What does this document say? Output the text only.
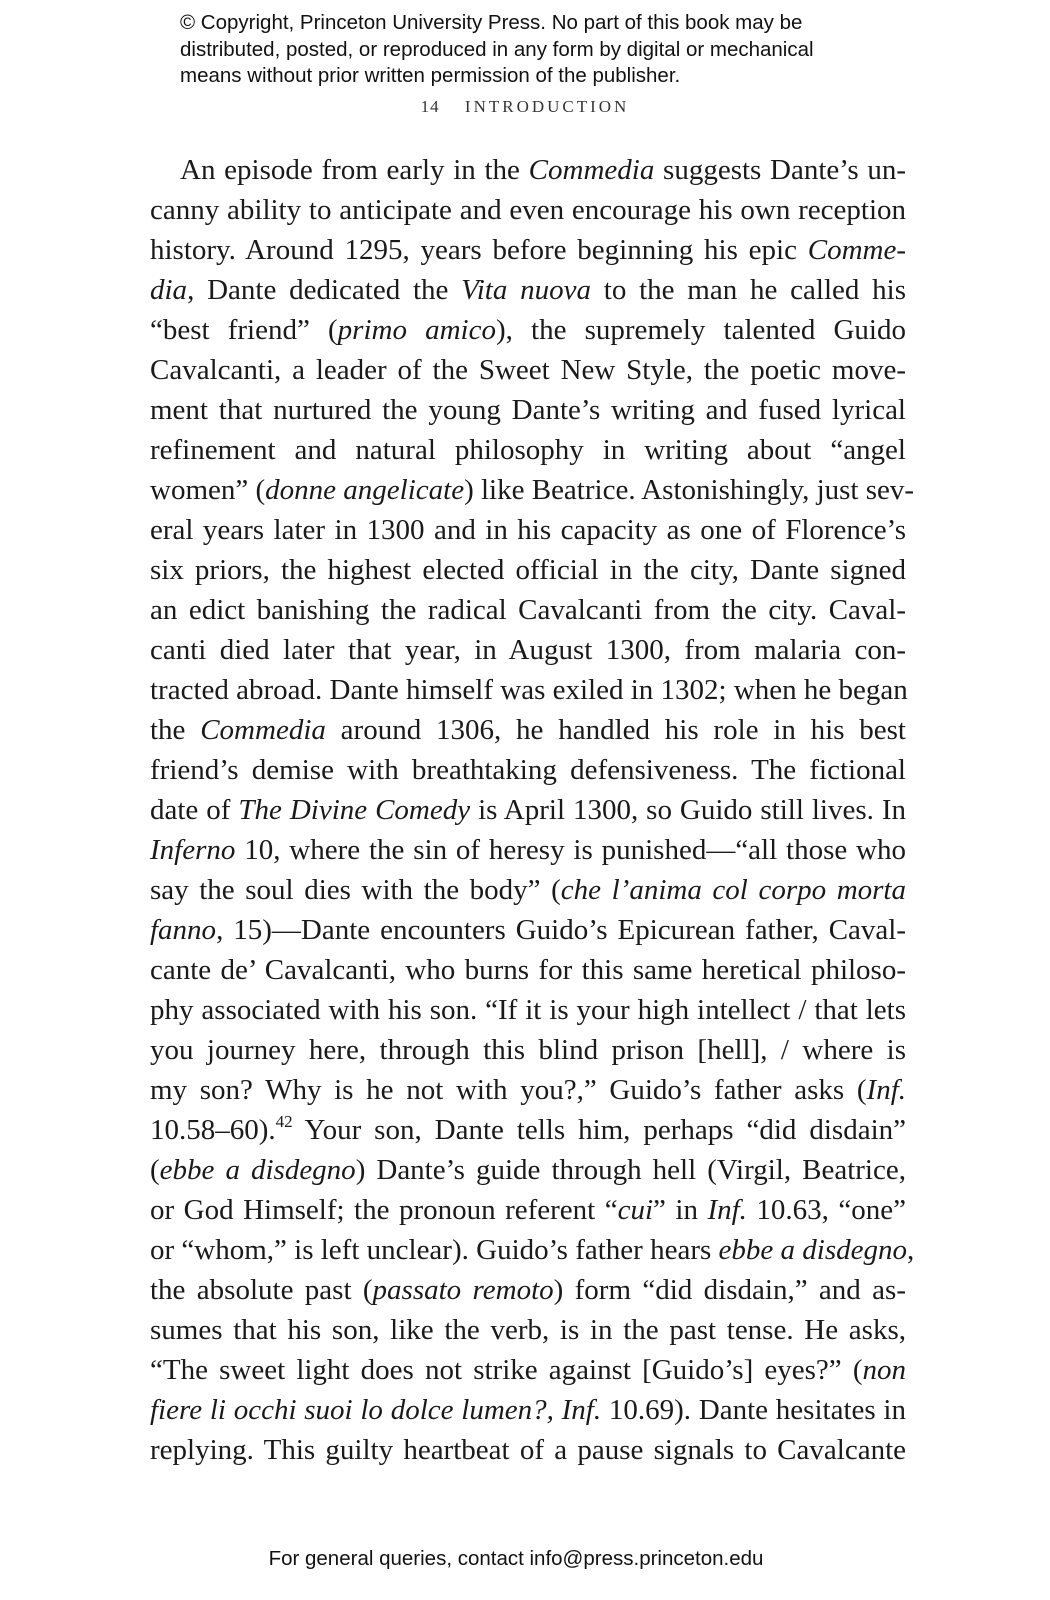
© Copyright, Princeton University Press. No part of this book may be
distributed, posted, or reproduced in any form by digital or mechanical
means without prior written permission of the publisher.
14 INTRODUCTION
An episode from early in the Commedia suggests Dante’s un-
canny ability to anticipate and even encourage his own reception
history. Around 1295, years before beginning his epic Comme-
dia, Dante dedicated the Vita nuova to the man he called his
“best friend” (primo amico), the supremely talented Guido
Cavalcanti, a leader of the Sweet New Style, the poetic move-
ment that nurtured the young Dante’s writing and fused lyrical
refinement and natural philosophy in writing about “angel
women” (donne angelicate) like Beatrice. Astonishingly, just sev-
eral years later in 1300 and in his capacity as one of Florence’s
six priors, the highest elected official in the city, Dante signed
an edict banishing the radical Cavalcanti from the city. Caval-
canti died later that year, in August 1300, from malaria con-
tracted abroad. Dante himself was exiled in 1302; when he began
the Commedia around 1306, he handled his role in his best
friend’s demise with breathtaking defensiveness. The fictional
date of The Divine Comedy is April 1300, so Guido still lives. In
Inferno 10, where the sin of heresy is punished—“all those who
say the soul dies with the body” (che l’anima col corpo morta
fanno, 15)—Dante encounters Guido’s Epicurean father, Caval-
cante de’ Cavalcanti, who burns for this same heretical philoso-
phy associated with his son. “If it is your high intellect / that lets
you journey here, through this blind prison [hell], / where is
my son? Why is he not with you?,” Guido’s father asks (Inf.
10.58–60).$^{42}$ Your son, Dante tells him, perhaps “did disdain”
(ebbe a disdegno) Dante’s guide through hell (Virgil, Beatrice,
or God Himself; the pronoun referent “cui” in Inf. 10.63, “one”
or “whom,” is left unclear). Guido’s father hears ebbe a disdegno,
the absolute past (passato remoto) form “did disdain,” and as-
sumes that his son, like the verb, is in the past tense. He asks,
“The sweet light does not strike against [Guido’s] eyes?” (non
fiere li occhi suoi lo dolce lumen?, Inf. 10.69). Dante hesitates in
replying. This guilty heartbeat of a pause signals to Cavalcante
For general queries, contact info@press.princeton.edu
